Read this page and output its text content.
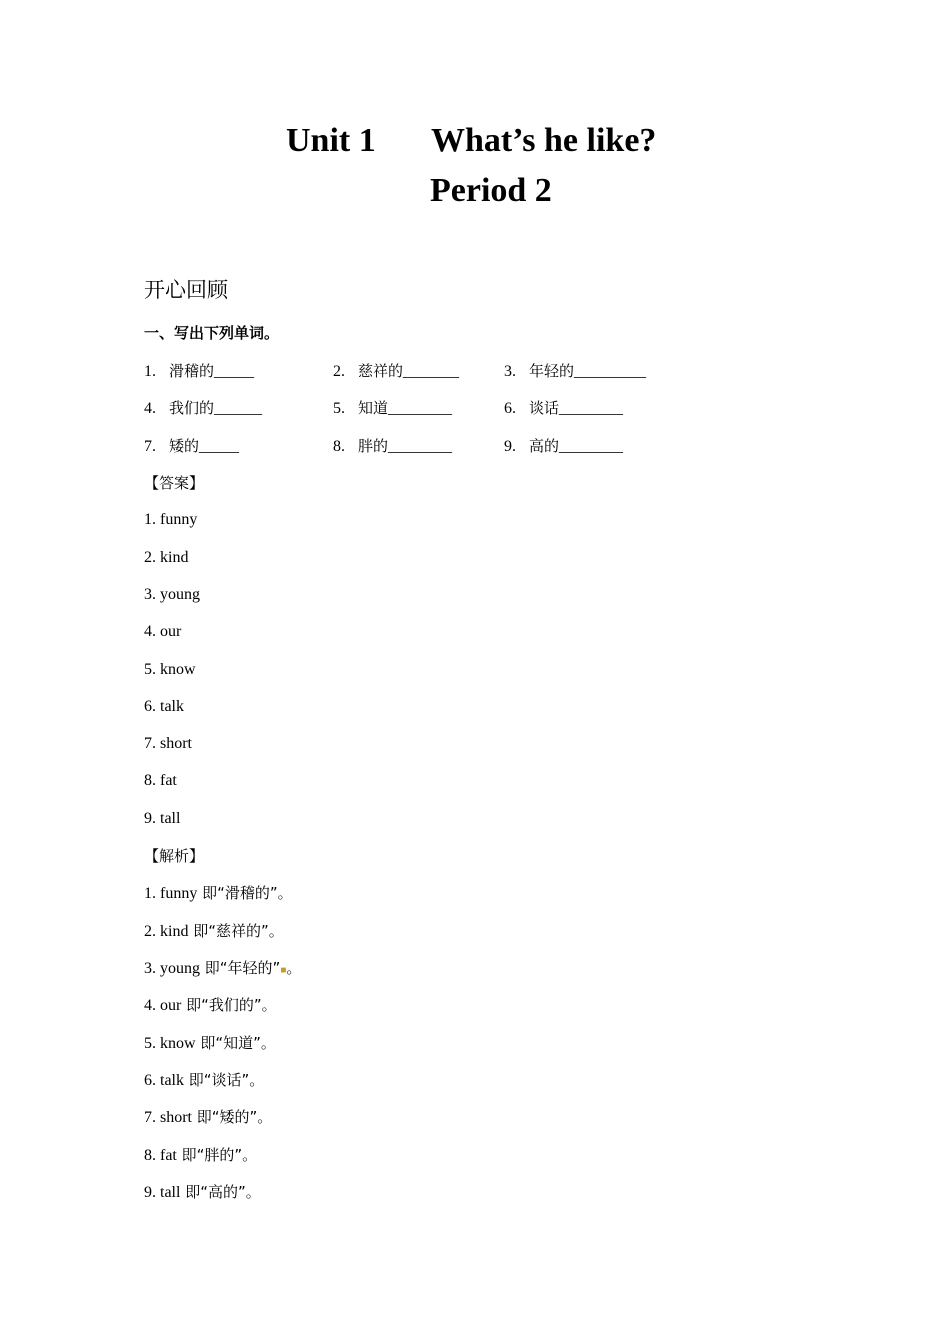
Unit 1 What’s he like?
Period 2
开心回顾
一、写出下列单词。
1. 滑稽的_____	2. 慈祥的_______	3. 年轻的_________
4. 我们的______	5. 知道________	6. 谈话________
7. 矮的_____	8. 胖的________	9. 高的________
【答案】
1. funny
2. kind
3. young
4. our
5. know
6. talk
7. short
8. fat
9. tall
【解析】
1. funny 即“滑稽的”。
2. kind 即“慈祥的”。
3. young 即“年轻的”■。
4. our 即“我们的”。
5. know 即“知道”。
6. talk 即“谈话”。
7. short 即“矮的”。
8. fat 即“胖的”。
9. tall 即“高的”。
